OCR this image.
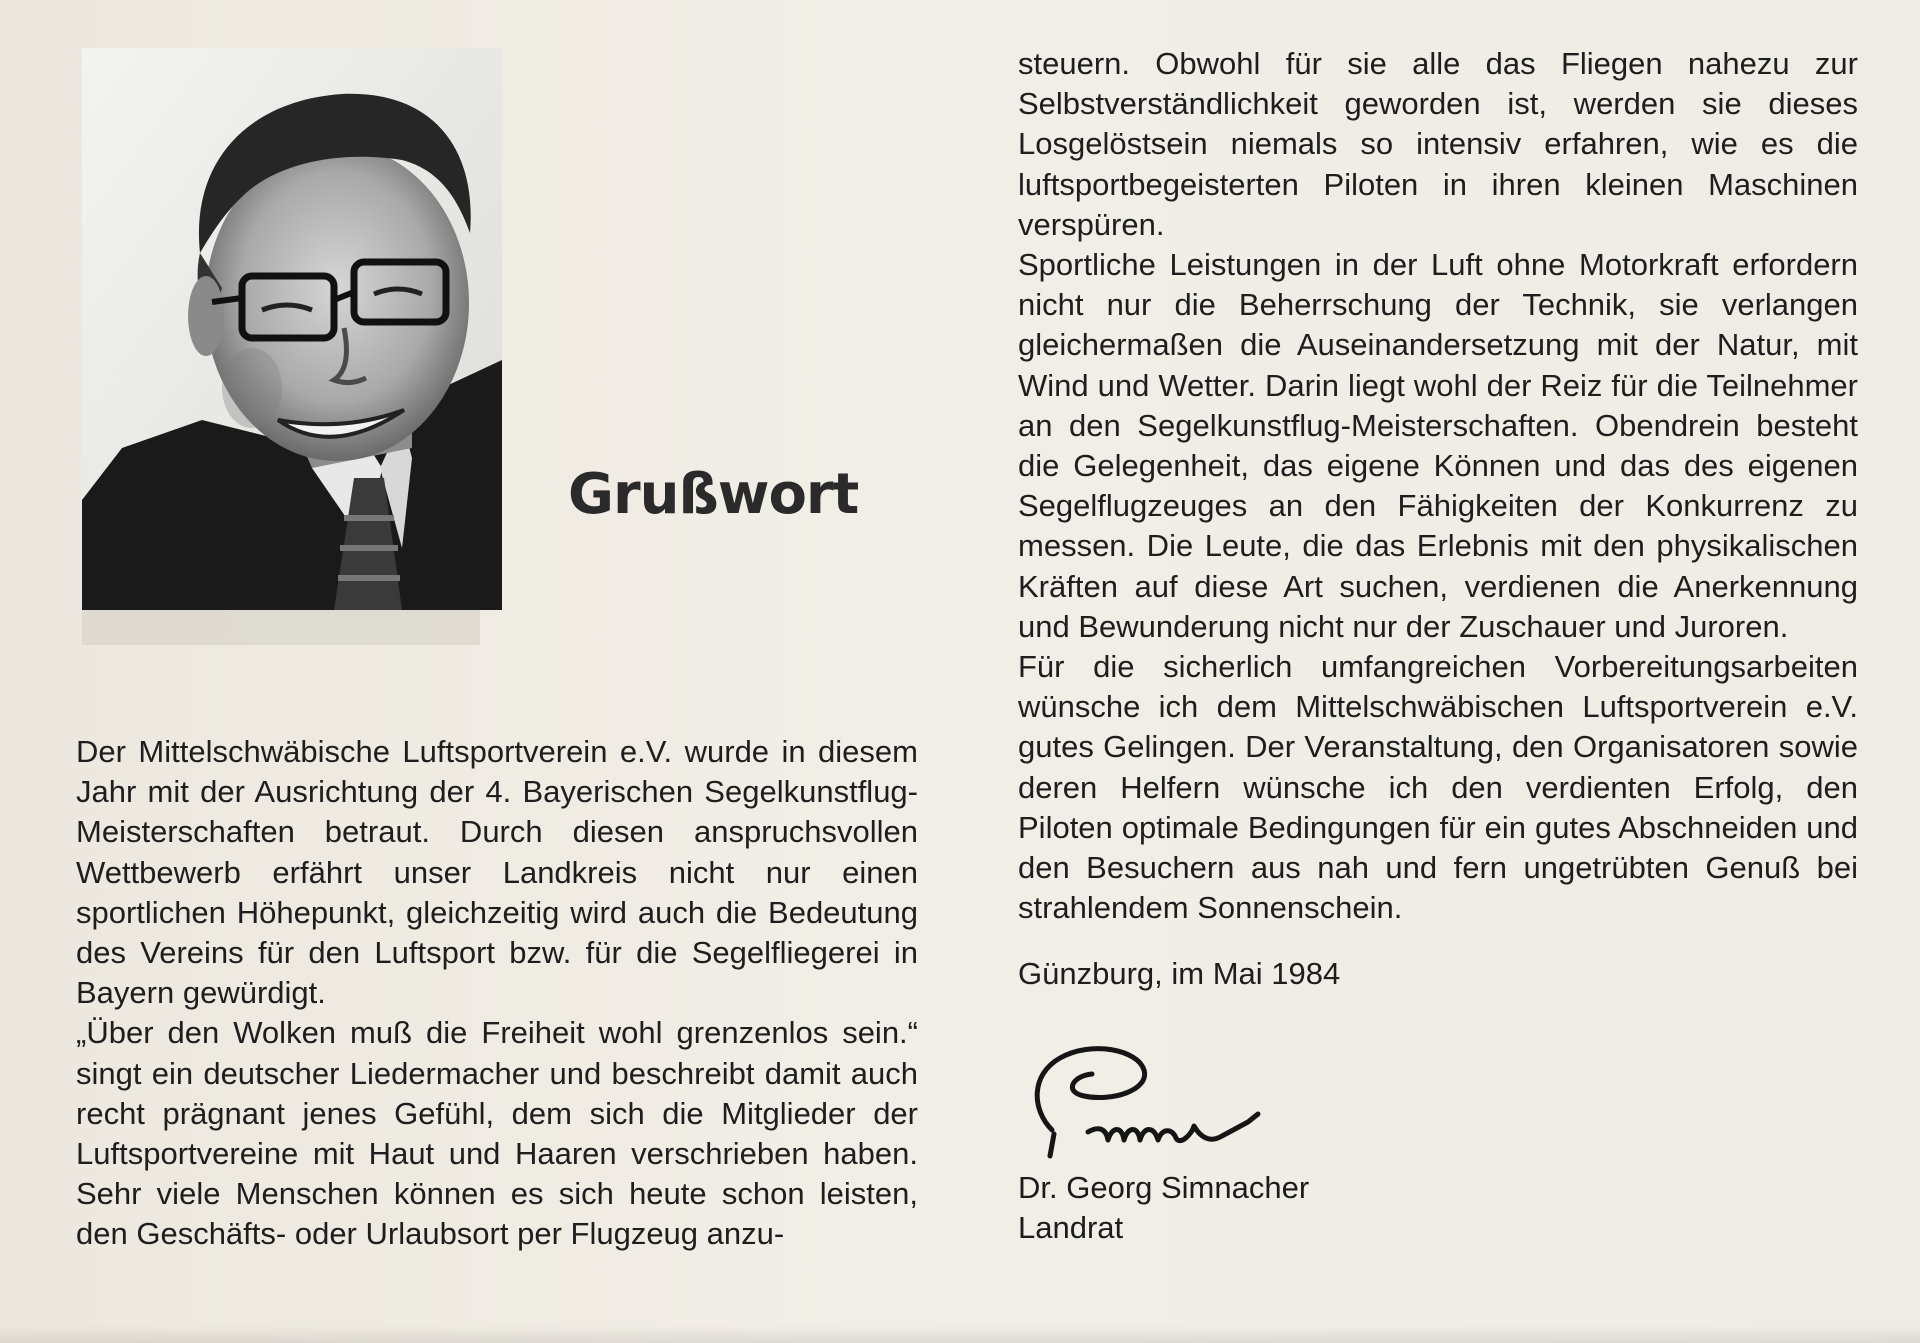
Grußwort

Der Mittelschwäbische Luftsportverein e.V. wurde in diesem Jahr mit der Ausrichtung der 4. Bayerischen Segelkunstflug-Meisterschaften betraut. Durch diesen anspruchsvollen Wettbewerb erfährt unser Landkreis nicht nur einen sportlichen Höhepunkt, gleichzeitig wird auch die Bedeutung des Vereins für den Luftsport bzw. für die Segelfliegerei in Bayern gewürdigt.

„Über den Wolken muß die Freiheit wohl grenzenlos sein.“ singt ein deutscher Liedermacher und beschreibt damit auch recht prägnant jenes Gefühl, dem sich die Mitglieder der Luftsportvereine mit Haut und Haaren verschrieben haben. Sehr viele Menschen können es sich heute schon leisten, den Geschäfts- oder Urlaubsort per Flugzeug anzu-

steuern. Obwohl für sie alle das Fliegen nahezu zur Selbstverständlichkeit geworden ist, werden sie dieses Losgelöstsein niemals so intensiv erfahren, wie es die luftsportbegeisterten Piloten in ihren kleinen Maschinen verspüren.

Sportliche Leistungen in der Luft ohne Motorkraft erfordern nicht nur die Beherrschung der Technik, sie verlangen gleichermaßen die Auseinandersetzung mit der Natur, mit Wind und Wetter. Darin liegt wohl der Reiz für die Teilnehmer an den Segelkunstflug-Meisterschaften. Obendrein besteht die Gelegenheit, das eigene Können und das des eigenen Segelflugzeuges an den Fähigkeiten der Konkurrenz zu messen. Die Leute, die das Erlebnis mit den physikalischen Kräften auf diese Art suchen, verdienen die Anerkennung und Bewunderung nicht nur der Zuschauer und Juroren.

Für die sicherlich umfangreichen Vorbereitungsarbeiten wünsche ich dem Mittelschwäbischen Luftsportverein e.V. gutes Gelingen. Der Veranstaltung, den Organisatoren sowie deren Helfern wünsche ich den verdienten Erfolg, den Piloten optimale Bedingungen für ein gutes Abschneiden und den Besuchern aus nah und fern ungetrübten Genuß bei strahlendem Sonnenschein.

Günzburg, im Mai 1984

Dr. Georg Simnacher

Landrat
